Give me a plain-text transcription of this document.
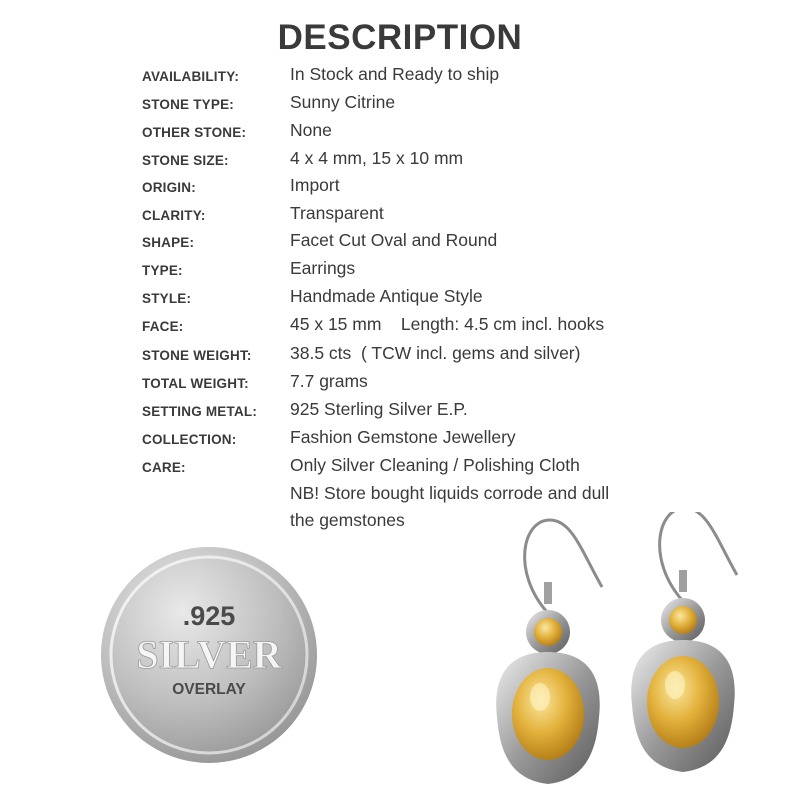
DESCRIPTION
AVAILABILITY:	In Stock and Ready to ship
STONE TYPE:	Sunny Citrine
OTHER STONE:	None
STONE SIZE:	4 x 4 mm, 15 x 10 mm
ORIGIN:	Import
CLARITY:	Transparent
SHAPE:	Facet Cut Oval and Round
TYPE:	Earrings
STYLE:	Handmade Antique Style
FACE:	45 x 15 mm    Length: 4.5 cm incl. hooks
STONE WEIGHT: 38.5 cts  ( TCW incl. gems and silver)
TOTAL WEIGHT: 7.7 grams
SETTING METAL: 925 Sterling Silver E.P.
COLLECTION:	Fashion Gemstone Jewellery
CARE:	Only Silver Cleaning / Polishing Cloth
NB! Store bought liquids corrode and dull
the gemstones
.925
SILVER
OVERLAY
